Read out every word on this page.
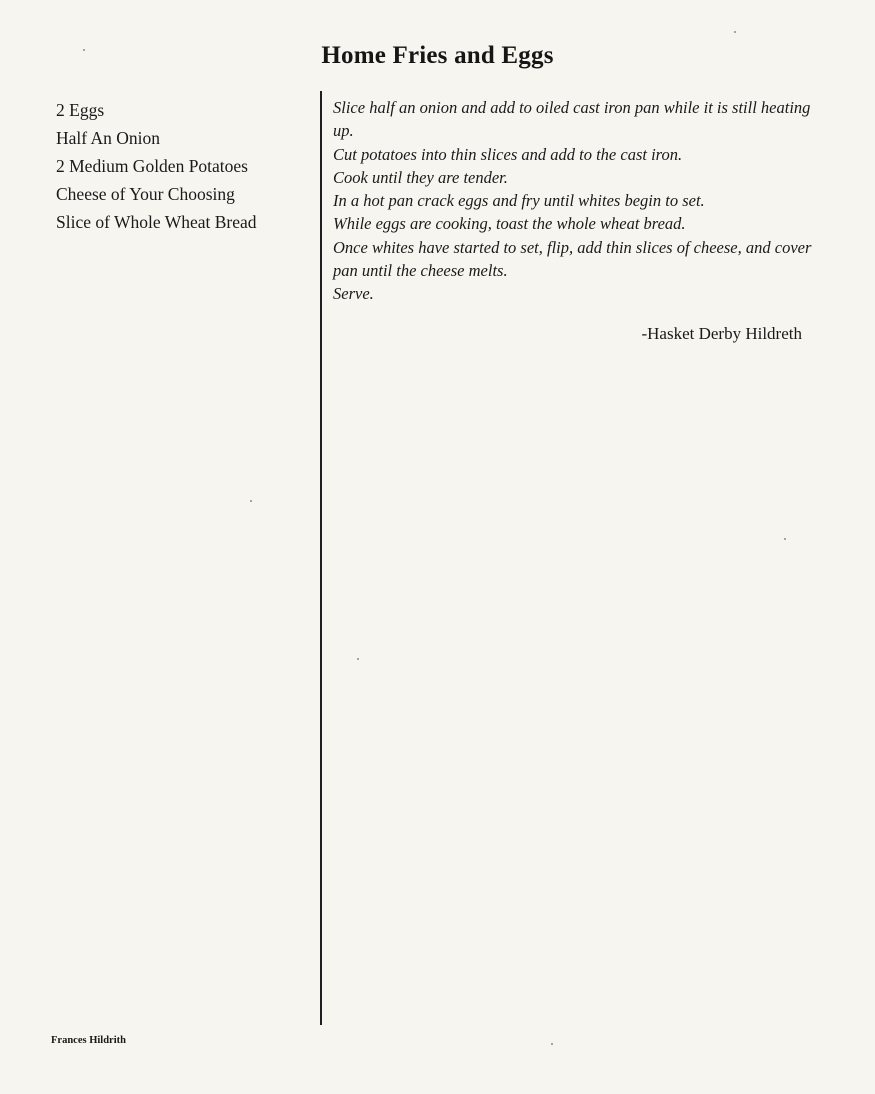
Home Fries and Eggs
2 Eggs
Half An Onion
2 Medium Golden Potatoes
Cheese of Your Choosing
Slice of Whole Wheat Bread
Slice half an onion and add to oiled cast iron pan while it is still heating up.
Cut potatoes into thin slices and add to the cast iron.
Cook until they are tender.
In a hot pan crack eggs and fry until whites begin to set.
While eggs are cooking, toast the whole wheat bread.
Once whites have started to set, flip, add thin slices of cheese, and cover pan until the cheese melts.
Serve.
-Hasket Derby Hildreth
Frances Hildrith
